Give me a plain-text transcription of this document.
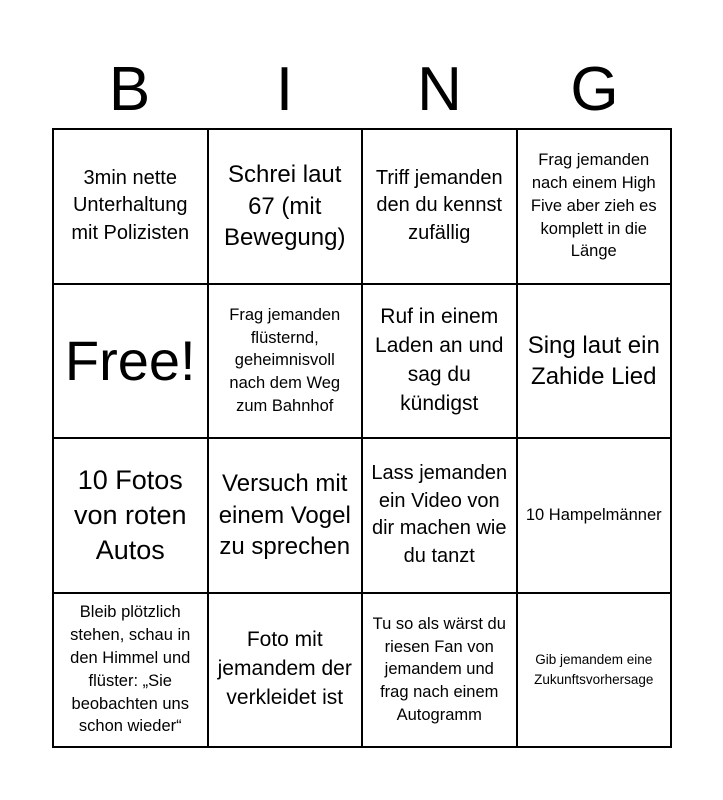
B	I	N	G
3min nette Unterhaltung mit Polizisten
Schrei laut 67 (mit Bewegung)
Triff jemanden den du kennst zufällig
Frag jemanden nach einem High Five aber zieh es komplett in die Länge
Free!
Frag jemanden flüsternd, geheimnisvoll nach dem Weg zum Bahnhof
Ruf in einem Laden an und sag du kündigst
Sing laut ein Zahide Lied
10 Fotos von roten Autos
Versuch mit einem Vogel zu sprechen
Lass jemanden ein Video von dir machen wie du tanzt
10 Hampelmänner
Bleib plötzlich stehen, schau in den Himmel und flüster: „Sie beobachten uns schon wieder“
Foto mit jemandem der verkleidet ist
Tu so als wärst du riesen Fan von jemandem und frag nach einem Autogramm
Gib jemandem eine Zukunftsvorhersage
